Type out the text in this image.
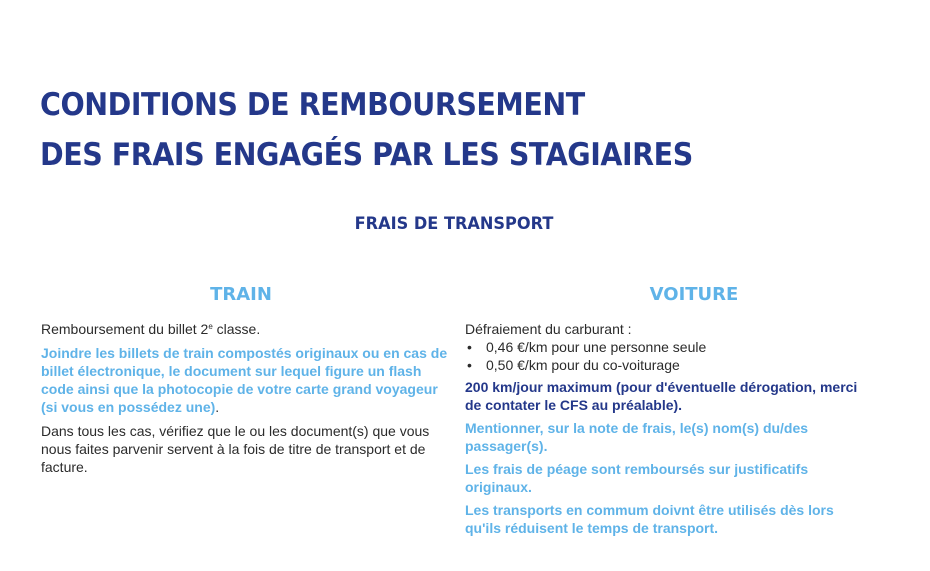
CONDITIONS DE REMBOURSEMENT
DES FRAIS ENGAGÉS PAR LES STAGIAIRES
FRAIS DE TRANSPORT
TRAIN

Remboursement du billet 2e classe.

Joindre les billets de train compostés originaux ou en cas de billet électronique, le document sur lequel figure un flash code ainsi que la photocopie de votre carte grand voyageur (si vous en possédez une).

Dans tous les cas, vérifiez que le ou les document(s) que vous nous faites parvenir servent à la fois de titre de transport et de facture.

VOITURE

Défraiement du carburant :

• 0,46 €/km pour une personne seule
• 0,50 €/km pour du co-voiturage

200 km/jour maximum (pour d'éventuelle dérogation, merci de contater le CFS au préalable).

Mentionner, sur la note de frais, le(s) nom(s) du/des passager(s).

Les frais de péage sont remboursés sur justificatifs originaux.

Les transports en commum doivnt être utilisés dès lors qu'ils réduisent le temps de transport.
